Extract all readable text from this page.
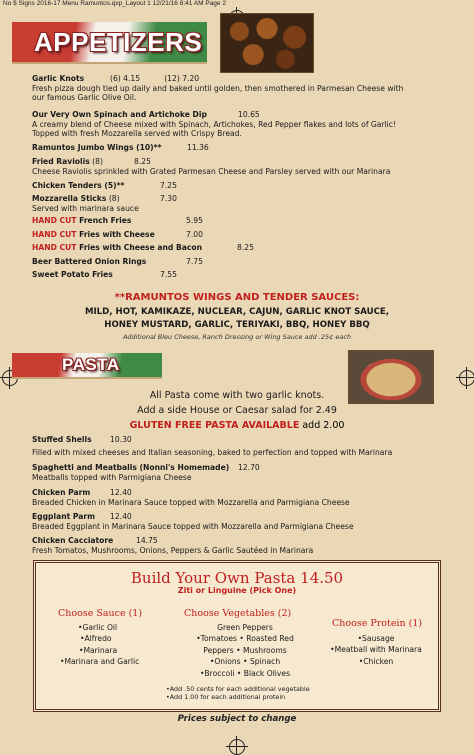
No $ Signs 2016-17 Menu Ramuntos.qxp_Layout 1 12/21/16 8:41 AM Page 2
APPETIZERS
Garlic Knots	(6) 4.15          (12) 7.20
Fresh pizza dough tied up daily and baked until golden, then smothered in Parmesan Cheese with
our famous Garlic Olive Oil.
Our Very Own Spinach and Artichoke Dip	10.65
A creamy blend of Cheese mixed with Spinach, Artichokes, Red Pepper flakes and lots of Garlic!
Topped with fresh Mozzarella served with Crispy Bread.
Ramuntos Jumbo Wings (10)**	11.36
Fried Raviolis (8)	8.25
Cheese Raviolis sprinkled with Grated Parmesan Cheese and Parsley served with our Marinara
Chicken Tenders (5)**	7.25
Mozzarella Sticks (8)	7.30
Served with marinara sauce
HAND CUT French Fries	5.95
HAND CUT Fries with Cheese	7.00
HAND CUT Fries with Cheese and Bacon	8.25
Beer Battered Onion Rings	7.75
Sweet Potato Fries	7.55
**RAMUNTOS WINGS AND TENDER SAUCES:
MILD, HOT, KAMIKAZE, NUCLEAR, CAJUN, GARLIC KNOT SAUCE,
HONEY MUSTARD, GARLIC, TERIYAKI, BBQ, HONEY BBQ
Additional Bleu Cheese, Ranch Dressing or Wing Sauce add .25¢ each
PASTA
All Pasta come with two garlic knots.
Add a side House or Caesar salad for 2.49
GLUTEN FREE PASTA AVAILABLE add 2.00
Stuffed Shells 10.30
Filled with mixed cheeses and Italian seasoning, baked to perfection and topped with Marinara
Spaghetti and Meatballs (Nonni's Homemade) 12.70
Meatballs topped with Parmigiana Cheese
Chicken Parm	12.40
Breaded Chicken in Marinara Sauce topped with Mozzarella and Parmigiana Cheese
Eggplant Parm 12.40
Breaded Eggplant in Marinara Sauce topped with Mozzarella and Parmigiana Cheese
Chicken Cacciatore	14.75
Fresh Tomatos, Mushrooms, Onions, Peppers & Garlic Sautéed in Marinara
Build Your Own Pasta 14.50
Ziti or Linguine (Pick One)
Choose Sauce (1)
•Garlic Oil
•Alfredo
•Marinara
•Marinara and Garlic
Choose Vegetables (2)
Green Peppers
•Tomatoes • Roasted Red
Peppers • Mushrooms
•Onions • Spinach
•Broccoli • Black Olives
Choose Protein (1)
•Sausage
•Meatball with Marinara
•Chicken
•Add .50 cents for each additional vegetable
•Add 1.00 for each additional protein
Prices subject to change
